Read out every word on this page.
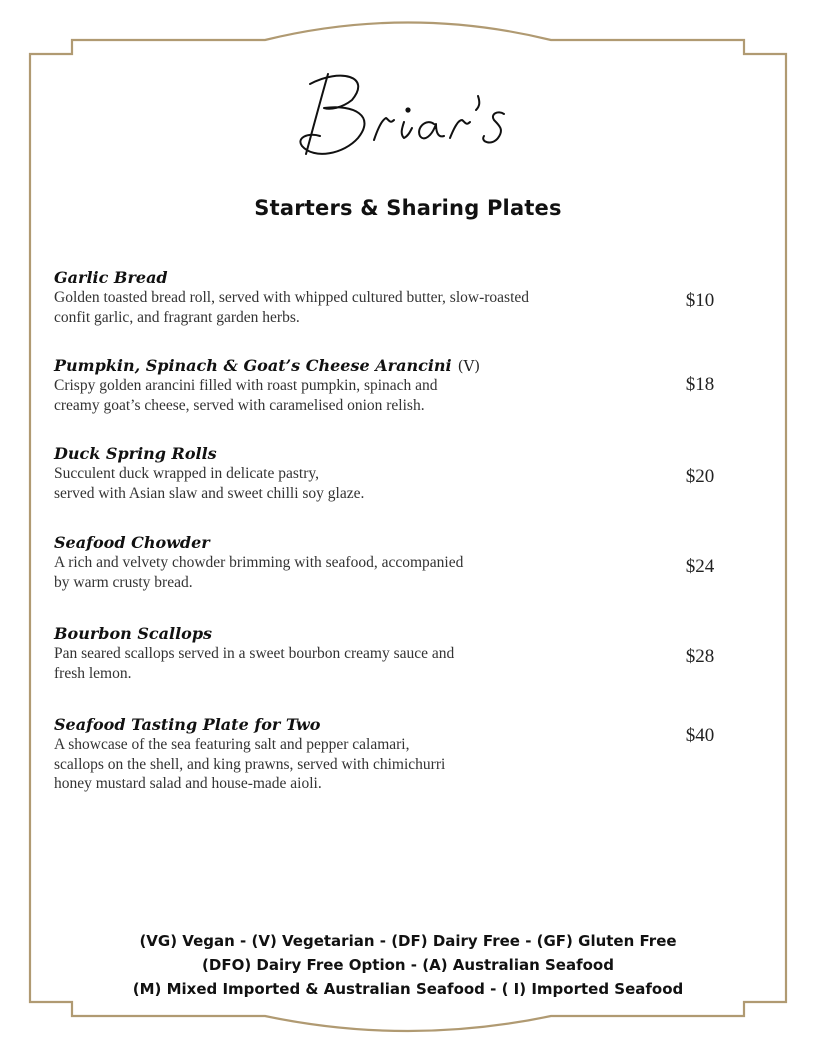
Starters & Sharing Plates
Garlic Bread
Golden toasted bread roll, served with whipped cultured butter, slow-roasted
confit garlic, and fragrant garden herbs.
$10
Pumpkin, Spinach & Goat’s Cheese Arancini (V)
Crispy golden arancini filled with roast pumpkin, spinach and
creamy goat’s cheese, served with caramelised onion relish.
$18
Duck Spring Rolls
Succulent duck wrapped in delicate pastry,
served with Asian slaw and sweet chilli soy glaze.
$20
Seafood Chowder
A rich and velvety chowder brimming with seafood, accompanied
by warm crusty bread.
$24
Bourbon Scallops
Pan seared scallops served in a sweet bourbon creamy sauce and
fresh lemon.
$28
Seafood Tasting Plate for Two
A showcase of the sea featuring salt and pepper calamari,
scallops on the shell, and king prawns, served with chimichurri
honey mustard salad and house-made aioli.
$40
(VG) Vegan - (V) Vegetarian - (DF) Dairy Free - (GF) Gluten Free
(DFO) Dairy Free Option - (A) Australian Seafood
(M) Mixed Imported & Australian Seafood - ( I) Imported Seafood
